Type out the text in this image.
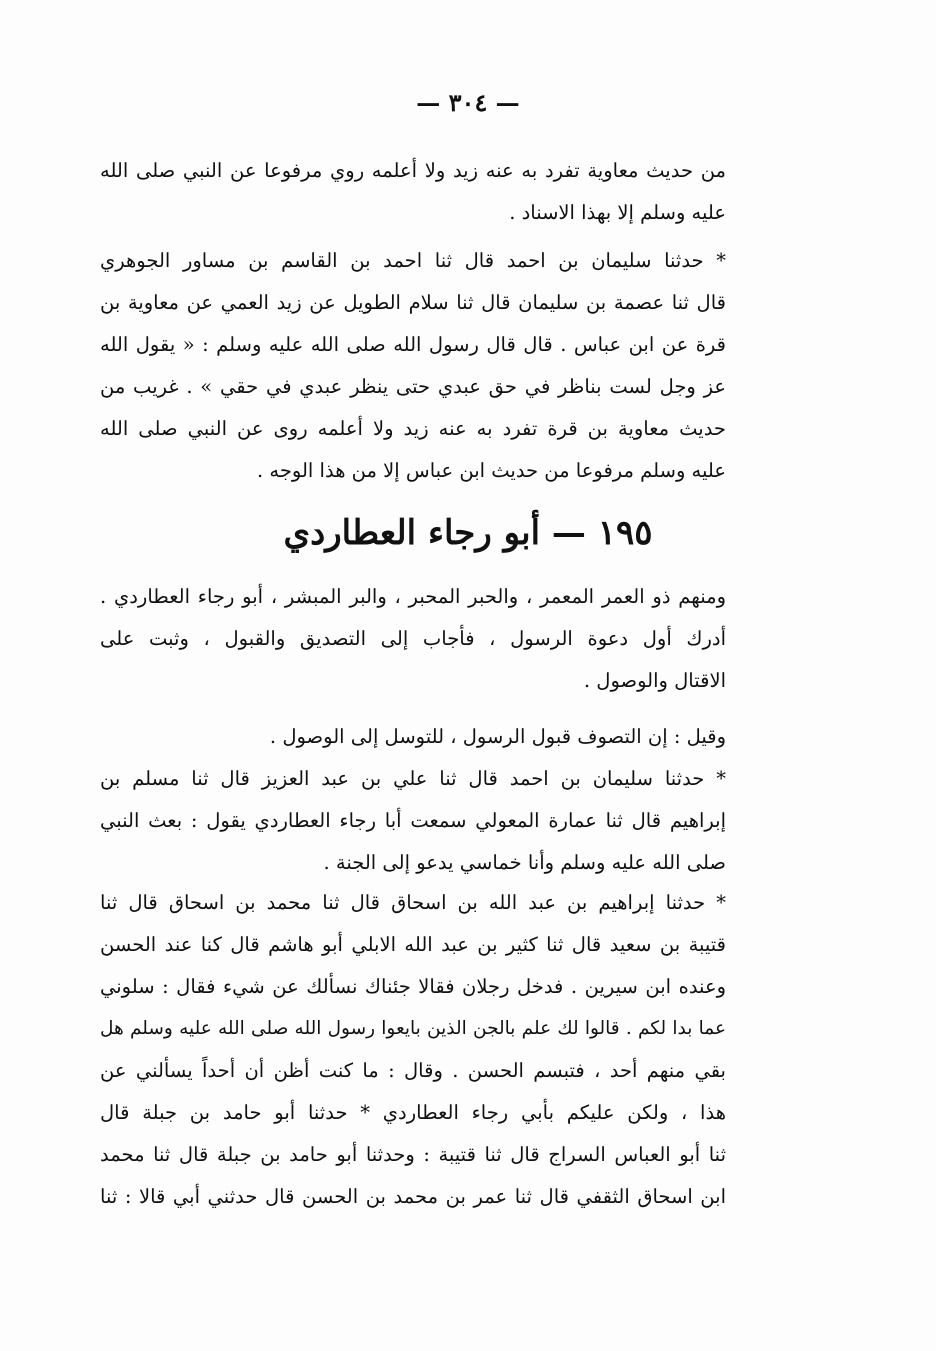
— ٣٠٤ —
من حديث معاوية تفرد به عنه زيد ولا أعلمه روي مرفوعا عن النبي صلى الله
عليه وسلم إلا بهذا الاسناد .
* حدثنا سليمان بن احمد قال ثنا احمد بن القاسم بن مساور الجوهري
قال ثنا عصمة بن سليمان قال ثنا سلام الطويل عن زيد العمي عن معاوية بن
قرة عن ابن عباس . قال قال رسول الله صلى الله عليه وسلم : « يقول الله
عز وجل لست بناظر في حق عبدي حتى ينظر عبدي في حقي » . غريب من
حديث معاوية بن قرة تفرد به عنه زيد ولا أعلمه روى عن النبي صلى الله
عليه وسلم مرفوعا من حديث ابن عباس إلا من هذا الوجه .
١٩٥ — أبو رجاء العطاردي
ومنهم ذو العمر المعمر ، والحبر المحبر ، والبر المبشر ، أبو رجاء العطاردي .
أدرك أول دعوة الرسول ، فأجاب إلى التصديق والقبول ، وثبت على
الاقتال والوصول .
وقيل : إن التصوف قبول الرسول ، للتوسل إلى الوصول .
* حدثنا سليمان بن احمد قال ثنا علي بن عبد العزيز قال ثنا مسلم بن
إبراهيم قال ثنا عمارة المعولي سمعت أبا رجاء العطاردي يقول : بعث النبي
صلى الله عليه وسلم وأنا خماسي يدعو إلى الجنة .
* حدثنا إبراهيم بن عبد الله بن اسحاق قال ثنا محمد بن اسحاق قال ثنا
قتيبة بن سعيد قال ثنا كثير بن عبد الله الابلي أبو هاشم قال كنا عند الحسن
وعنده ابن سيرين . فدخل رجلان فقالا جئناك نسألك عن شيء فقال : سلوني
عما بدا لكم . قالوا لك علم بالجن الذين بايعوا رسول الله صلى الله عليه وسلم هل
بقي منهم أحد ، فتبسم الحسن . وقال : ما كنت أظن أن أحداً يسألني عن
هذا ، ولكن عليكم بأبي رجاء العطاردي * حدثنا أبو حامد بن جبلة قال
ثنا أبو العباس السراج قال ثنا قتيبة : وحدثنا أبو حامد بن جبلة قال ثنا محمد
ابن اسحاق الثقفي قال ثنا عمر بن محمد بن الحسن قال حدثني أبي قالا : ثنا
